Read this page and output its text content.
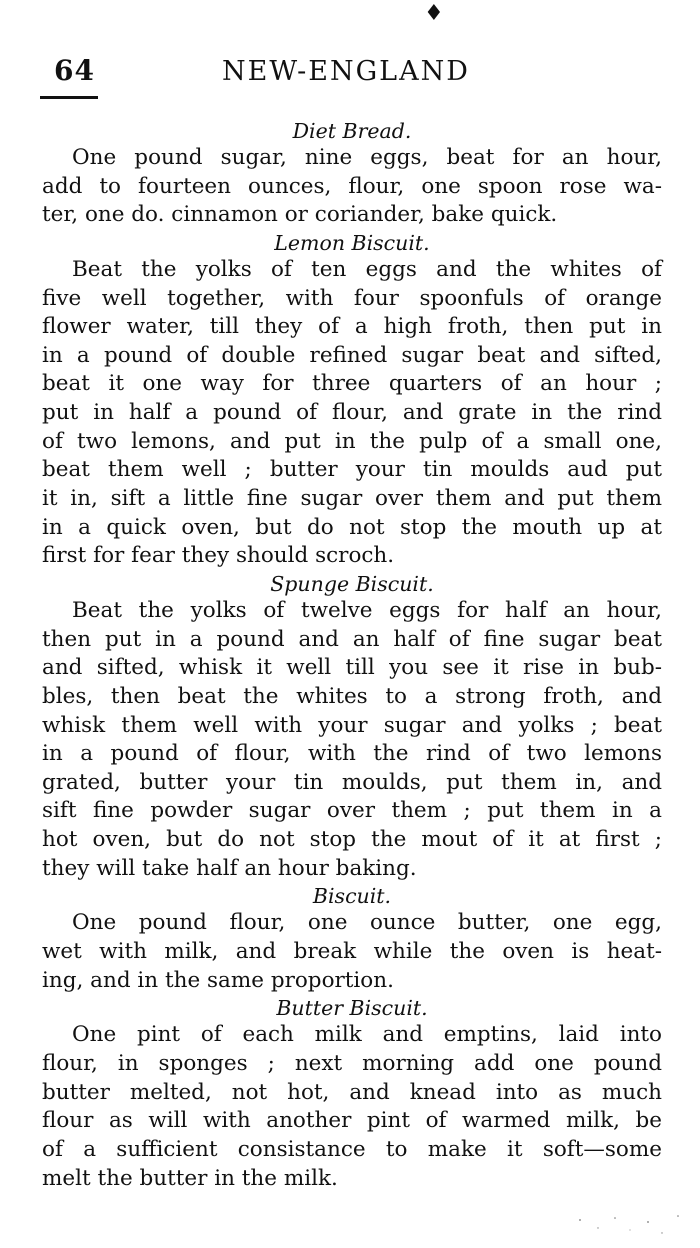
♦
64	NEW-ENGLAND
Diet Bread.
One pound sugar, nine eggs, beat for an hour,
add to fourteen ounces, flour, one spoon rose wa-
ter, one do. cinnamon or coriander, bake quick.
Lemon Biscuit.
Beat the yolks of ten eggs and the whites of
five well together, with four spoonfuls of orange
flower water, till they of a high froth, then put in
in a pound of double refined sugar beat and sifted,
beat it one way for three quarters of an hour ;
put in half a pound of flour, and grate in the rind
of two lemons, and put in the pulp of a small one,
beat them well ; butter your tin moulds aud put
it in, sift a little fine sugar over them and put them
in a quick oven, but do not stop the mouth up at
first for fear they should scroch.
Spunge Biscuit.
Beat the yolks of twelve eggs for half an hour,
then put in a pound and an half of fine sugar beat
and sifted, whisk it well till you see it rise in bub-
bles, then beat the whites to a strong froth, and
whisk them well with your sugar and yolks ; beat
in a pound of flour, with the rind of two lemons
grated, butter your tin moulds, put them in, and
sift fine powder sugar over them ; put them in a
hot oven, but do not stop the mout of it at first ;
they will take half an hour baking.
Biscuit.
One pound flour, one ounce butter, one egg,
wet with milk, and break while the oven is heat-
ing, and in the same proportion.
Butter Biscuit.
One pint of each milk and emptins, laid into
flour, in sponges ; next morning add one pound
butter melted, not hot, and knead into as much
flour as will with another pint of warmed milk, be
of a sufficient consistance to make it soft—some
melt the butter in the milk.
